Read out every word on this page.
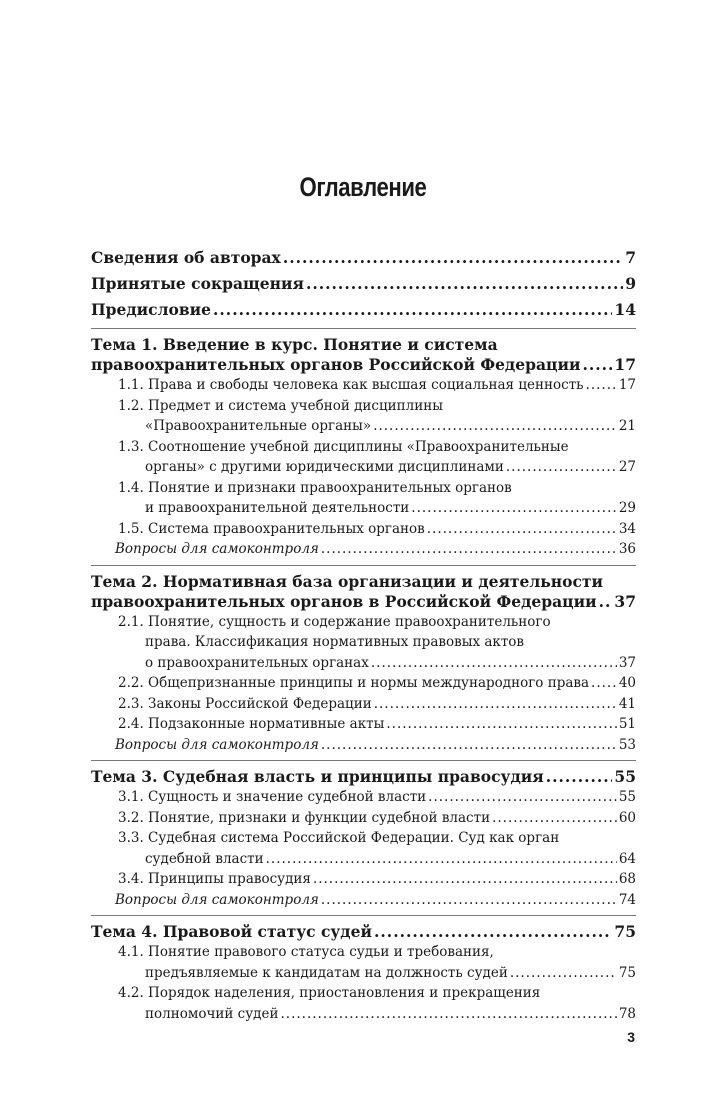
Оглавление
Сведения об авторах .....	7
Принятые сокращения .....	9
Предисловие .....	14
Тема 1. Введение в курс. Понятие и система
правоохранительных органов Российской Федерации ..... 17
1.1. Права и свободы человека как высшая социальная ценность .....	17
1.2. Предмет и система учебной дисциплины
«Правоохранительные органы» .....	21
1.3. Соотношение учебной дисциплины «Правоохранительные
органы» с другими юридическими дисциплинами .....	27
1.4. Понятие и признаки правоохранительных органов
и правоохранительной деятельности .....	29
1.5. Система правоохранительных органов .....	34
Вопросы для самоконтроля .....	36
Тема 2. Нормативная база организации и деятельности
правоохранительных органов в Российской Федерации ..... 37
2.1. Понятие, сущность и содержание правоохранительного
права. Классификация нормативных правовых актов
о правоохранительных органах .....	37
2.2. Общепризнанные принципы и нормы международного права ..... 40
2.3. Законы Российской Федерации .....	41
2.4. Подзаконные нормативные акты .....	51
Вопросы для самоконтроля .....	53
Тема 3. Судебная власть и принципы правосудия .....	55
3.1. Сущность и значение судебной власти .....	55
3.2. Понятие, признаки и функции судебной власти .....	60
3.3. Судебная система Российской Федерации. Суд как орган
судебной власти .....	64
3.4. Принципы правосудия .....	68
Вопросы для самоконтроля .....	74
Тема 4. Правовой статус судей .....	75
4.1. Понятие правового статуса судьи и требования,
предъявляемые к кандидатам на должность судей .....	75
4.2. Порядок наделения, приостановления и прекращения
полномочий судей .....	78
3
